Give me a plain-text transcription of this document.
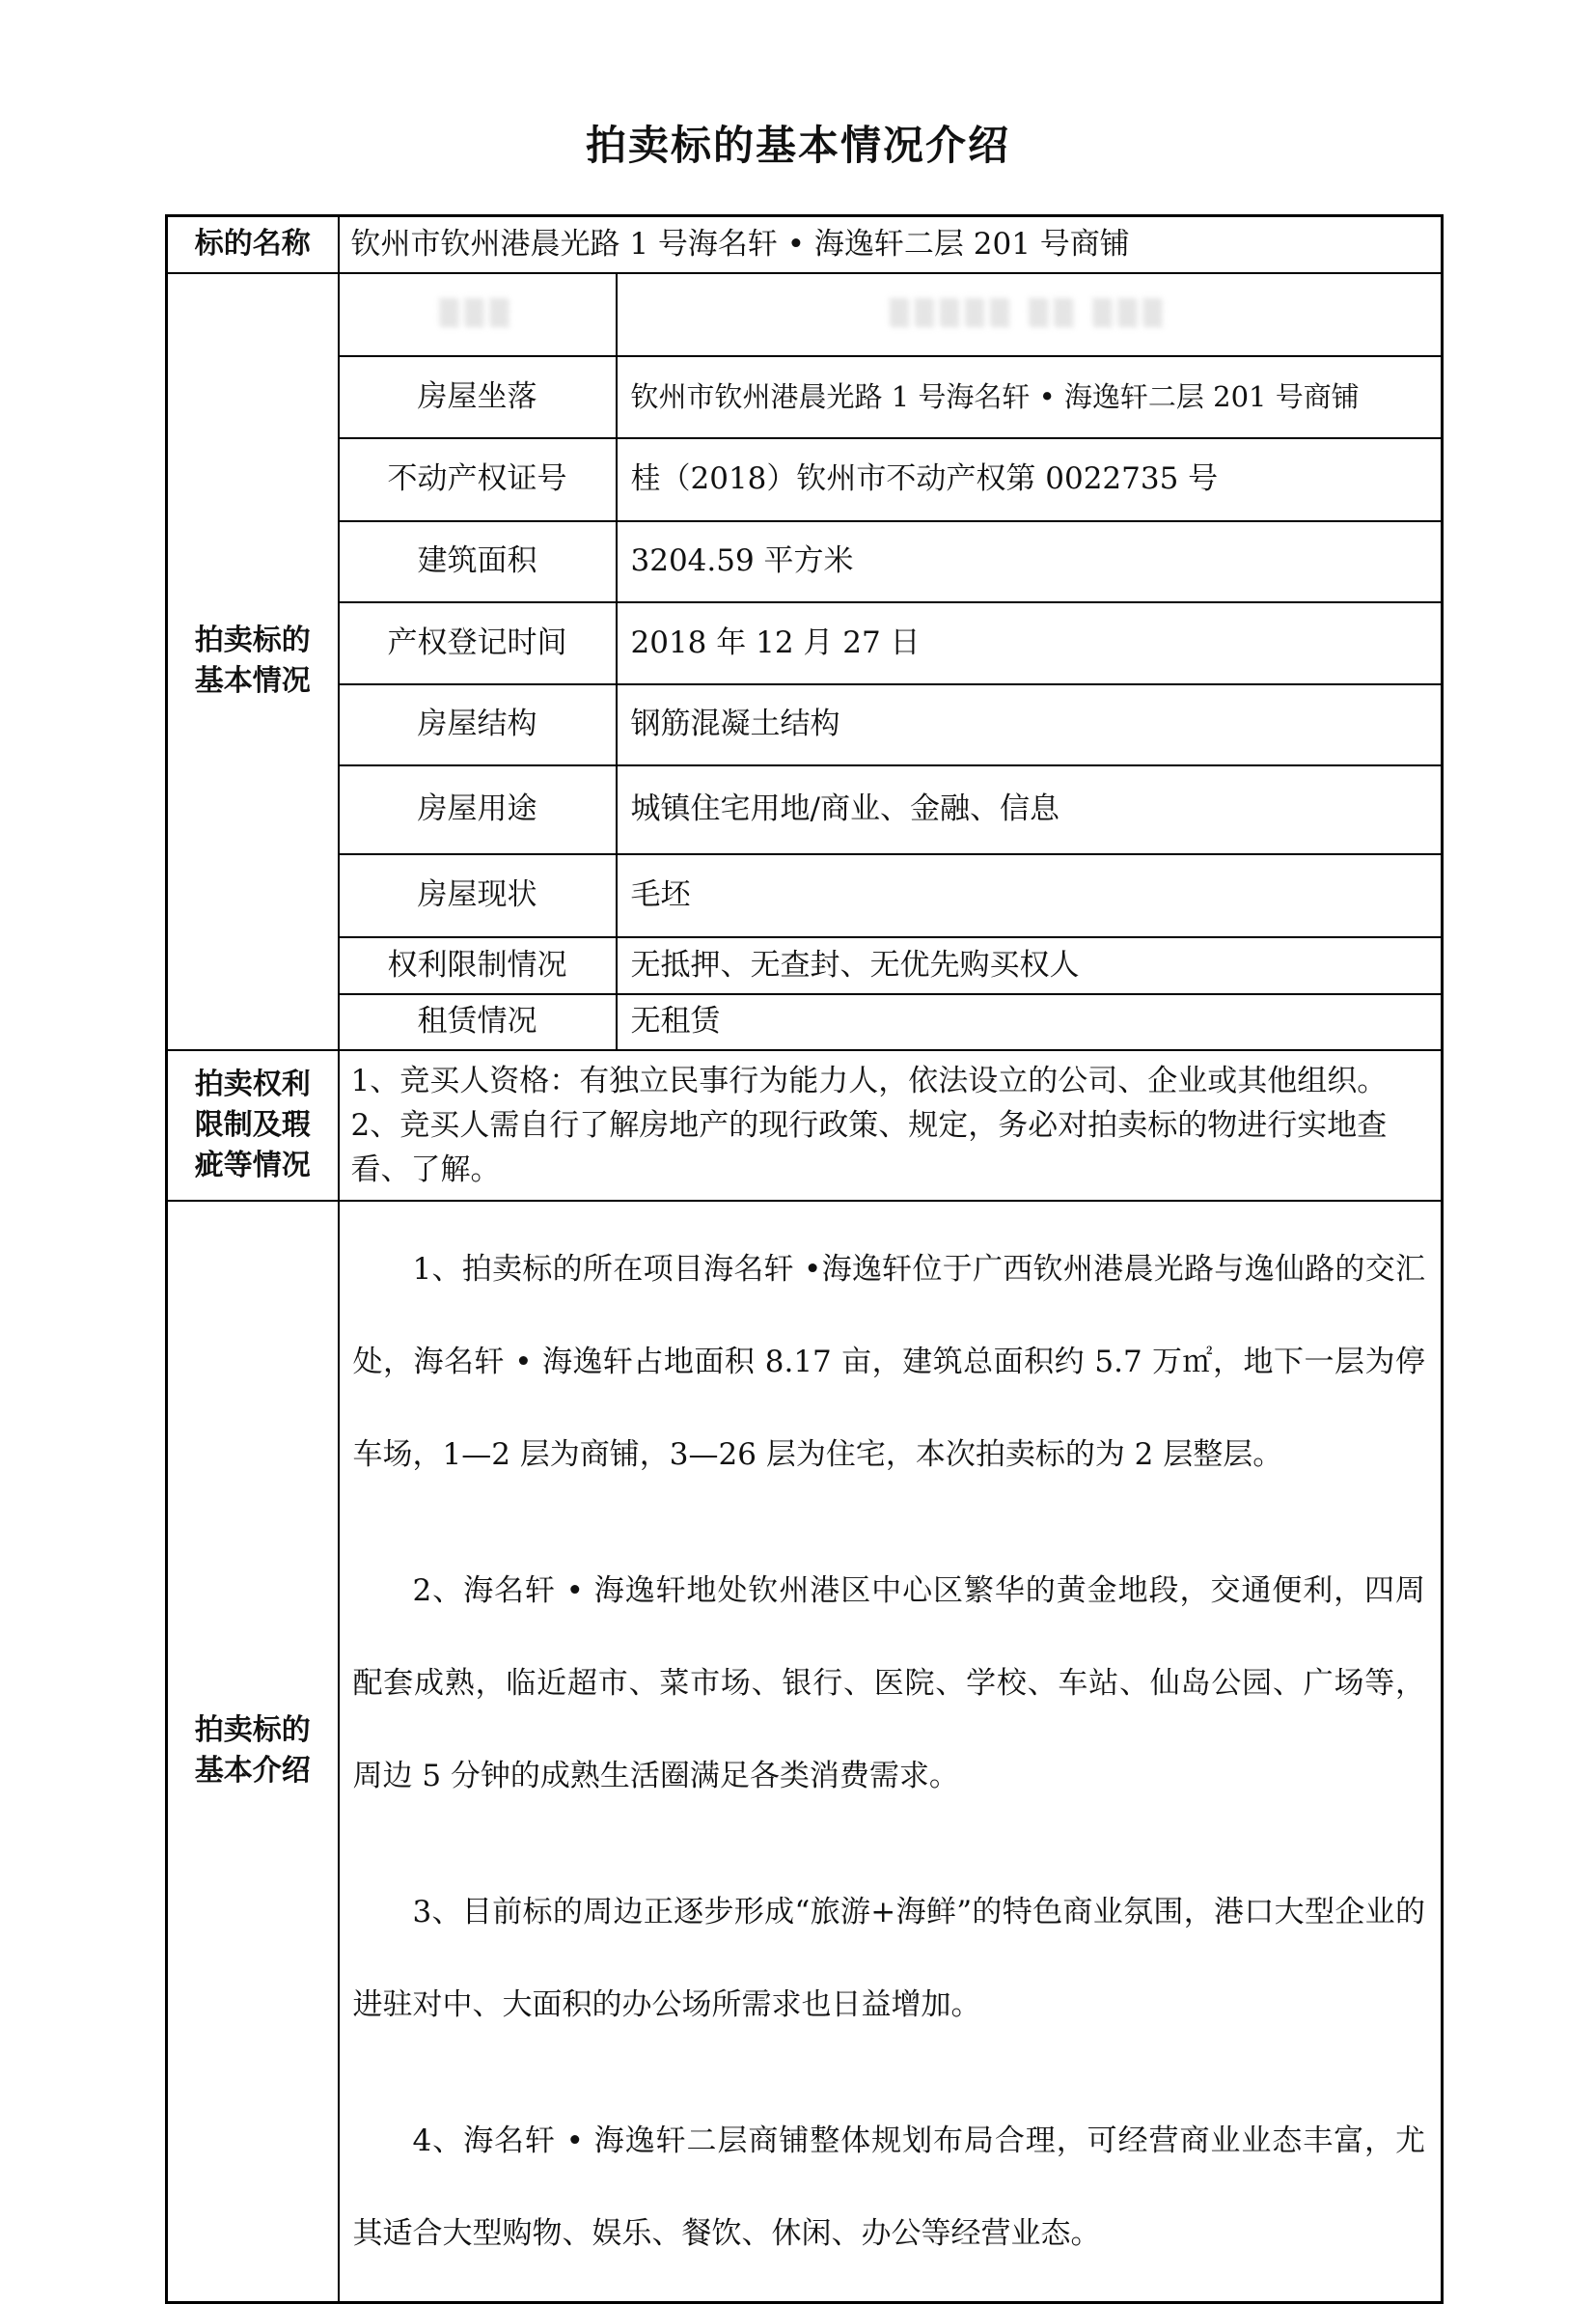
拍卖标的基本情况介绍
标的名称	钦州市钦州港晨光路 1 号海名轩 • 海逸轩二层 201 号商铺	

拍卖标的基本情况	▒▒▒	▒▒▒▒▒ ▒▒ ▒▒▒
	房屋坐落	钦州市钦州港晨光路 1 号海名轩 • 海逸轩二层 201 号商铺
	不动产权证号	桂（2018）钦州市不动产权第 0022735 号
	建筑面积	3204.59 平方米
	产权登记时间	2018 年 12 月 27 日
	房屋结构	钢筋混凝土结构
	房屋用途	城镇住宅用地/商业、金融、信息
	房屋现状	毛坯
	权利限制情况	无抵押、无查封、无优先购买权人
	租赁情况	无租赁

拍卖权利限制及瑕疵等情况	1、竞买人资格：有独立民事行为能力人，依法设立的公司、企业或其他组织。
2、竞买人需自行了解房地产的现行政策、规定，务必对拍卖标的物进行实地查看、了解。	

拍卖标的基本介绍	1、拍卖标的所在项目海名轩 •海逸轩位于广西钦州港晨光路与逸仙路的交汇处，海名轩 • 海逸轩占地面积 8.17 亩，建筑总面积约 5.7 万㎡，地下一层为停车场，1—2 层为商铺，3—26 层为住宅，本次拍卖标的为 2 层整层。

2、海名轩 • 海逸轩地处钦州港区中心区繁华的黄金地段，交通便利，四周配套成熟，临近超市、菜市场、银行、医院、学校、车站、仙岛公园、广场等，周边 5 分钟的成熟生活圈满足各类消费需求。

3、目前标的周边正逐步形成“旅游+海鲜”的特色商业氛围，港口大型企业的进驻对中、大面积的办公场所需求也日益增加。

4、海名轩 • 海逸轩二层商铺整体规划布局合理，可经营商业业态丰富，尤其适合大型购物、娱乐、餐饮、休闲、办公等经营业态。	
